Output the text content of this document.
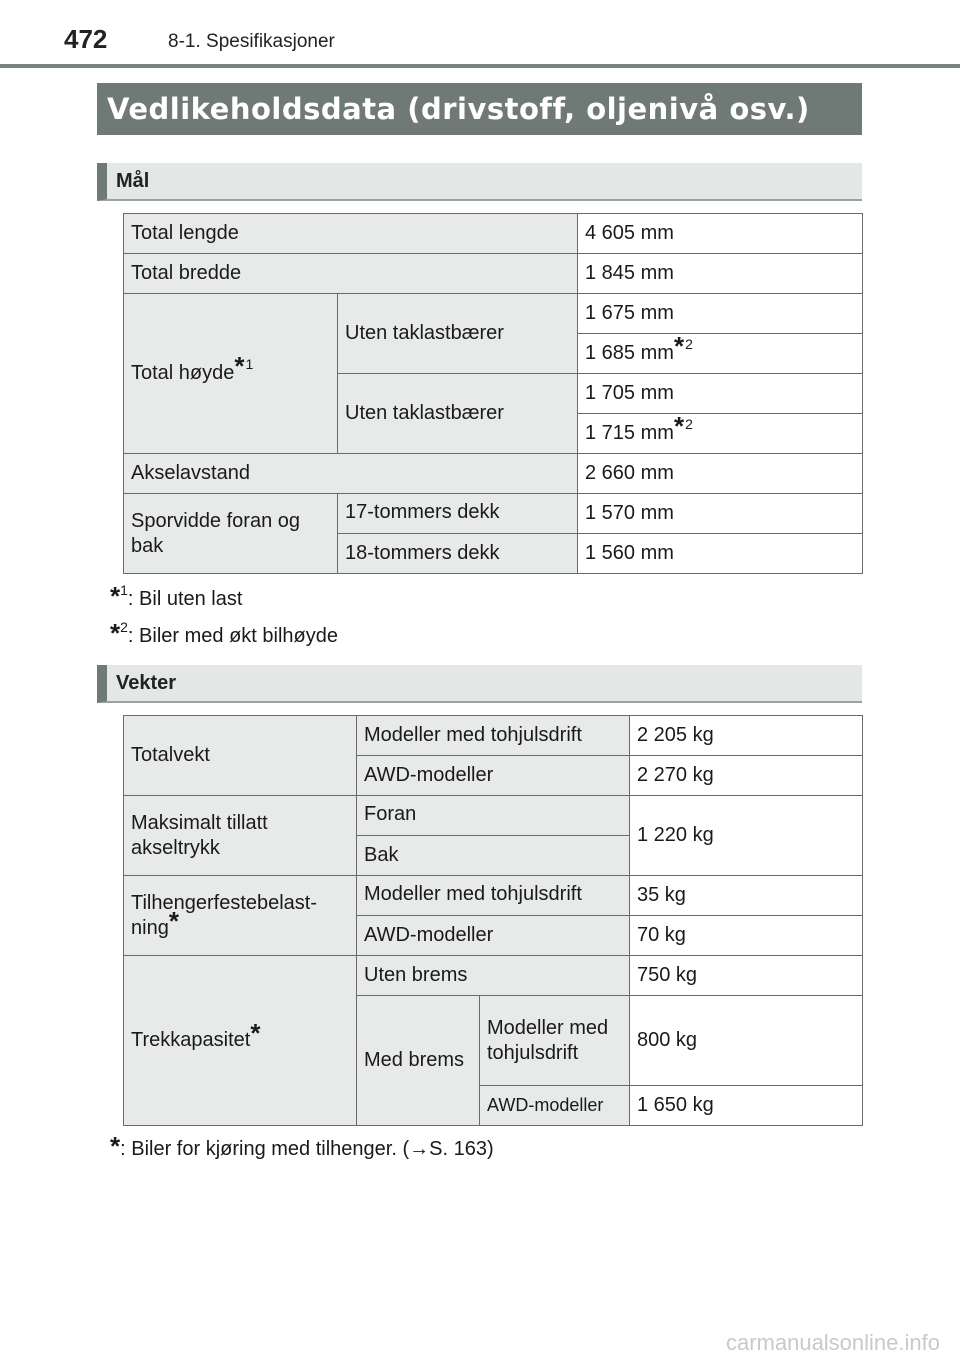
472	8-1. Spesifikasjoner
Vedlikeholdsdata (drivstoff, oljenivå osv.)
Mål
Total lengde		4 605 mm
Total bredde		1 845 mm
Total høyde$^{*1}$	Uten taklastbærer	1 675 mm
		1 685 $mm^{*2}$
	Uten taklastbærer	1 705 mm
		1 715 $mm^{*2}$
Akselavstand		2 660 mm
Sporvidde foran og bak	17-tommers dekk	1 570 mm
	18-tommers dekk	1 560 mm
*$^1$: Bil uten last
*$^2$: Biler med økt bilhøyde
Vekter
Totalvekt	Modeller med tohjulsdrift		2 205 kg
	AWD-modeller		2 270 kg
Maksimalt tillatt akseltrykk	Foran		1 220 kg
	Bak		
Tilhengerfestebelast-
ning*	Modeller med tohjulsdrift		35 kg
	AWD-modeller		70 kg
Trekkapasitet*	Uten brems		750 kg
	Med brems	Modeller med tohjulsdrift	800 kg
		AWD-modeller	1 650 kg
*: Biler for kjøring med tilhenger. (→S. 163)
carmanualsonline.info
